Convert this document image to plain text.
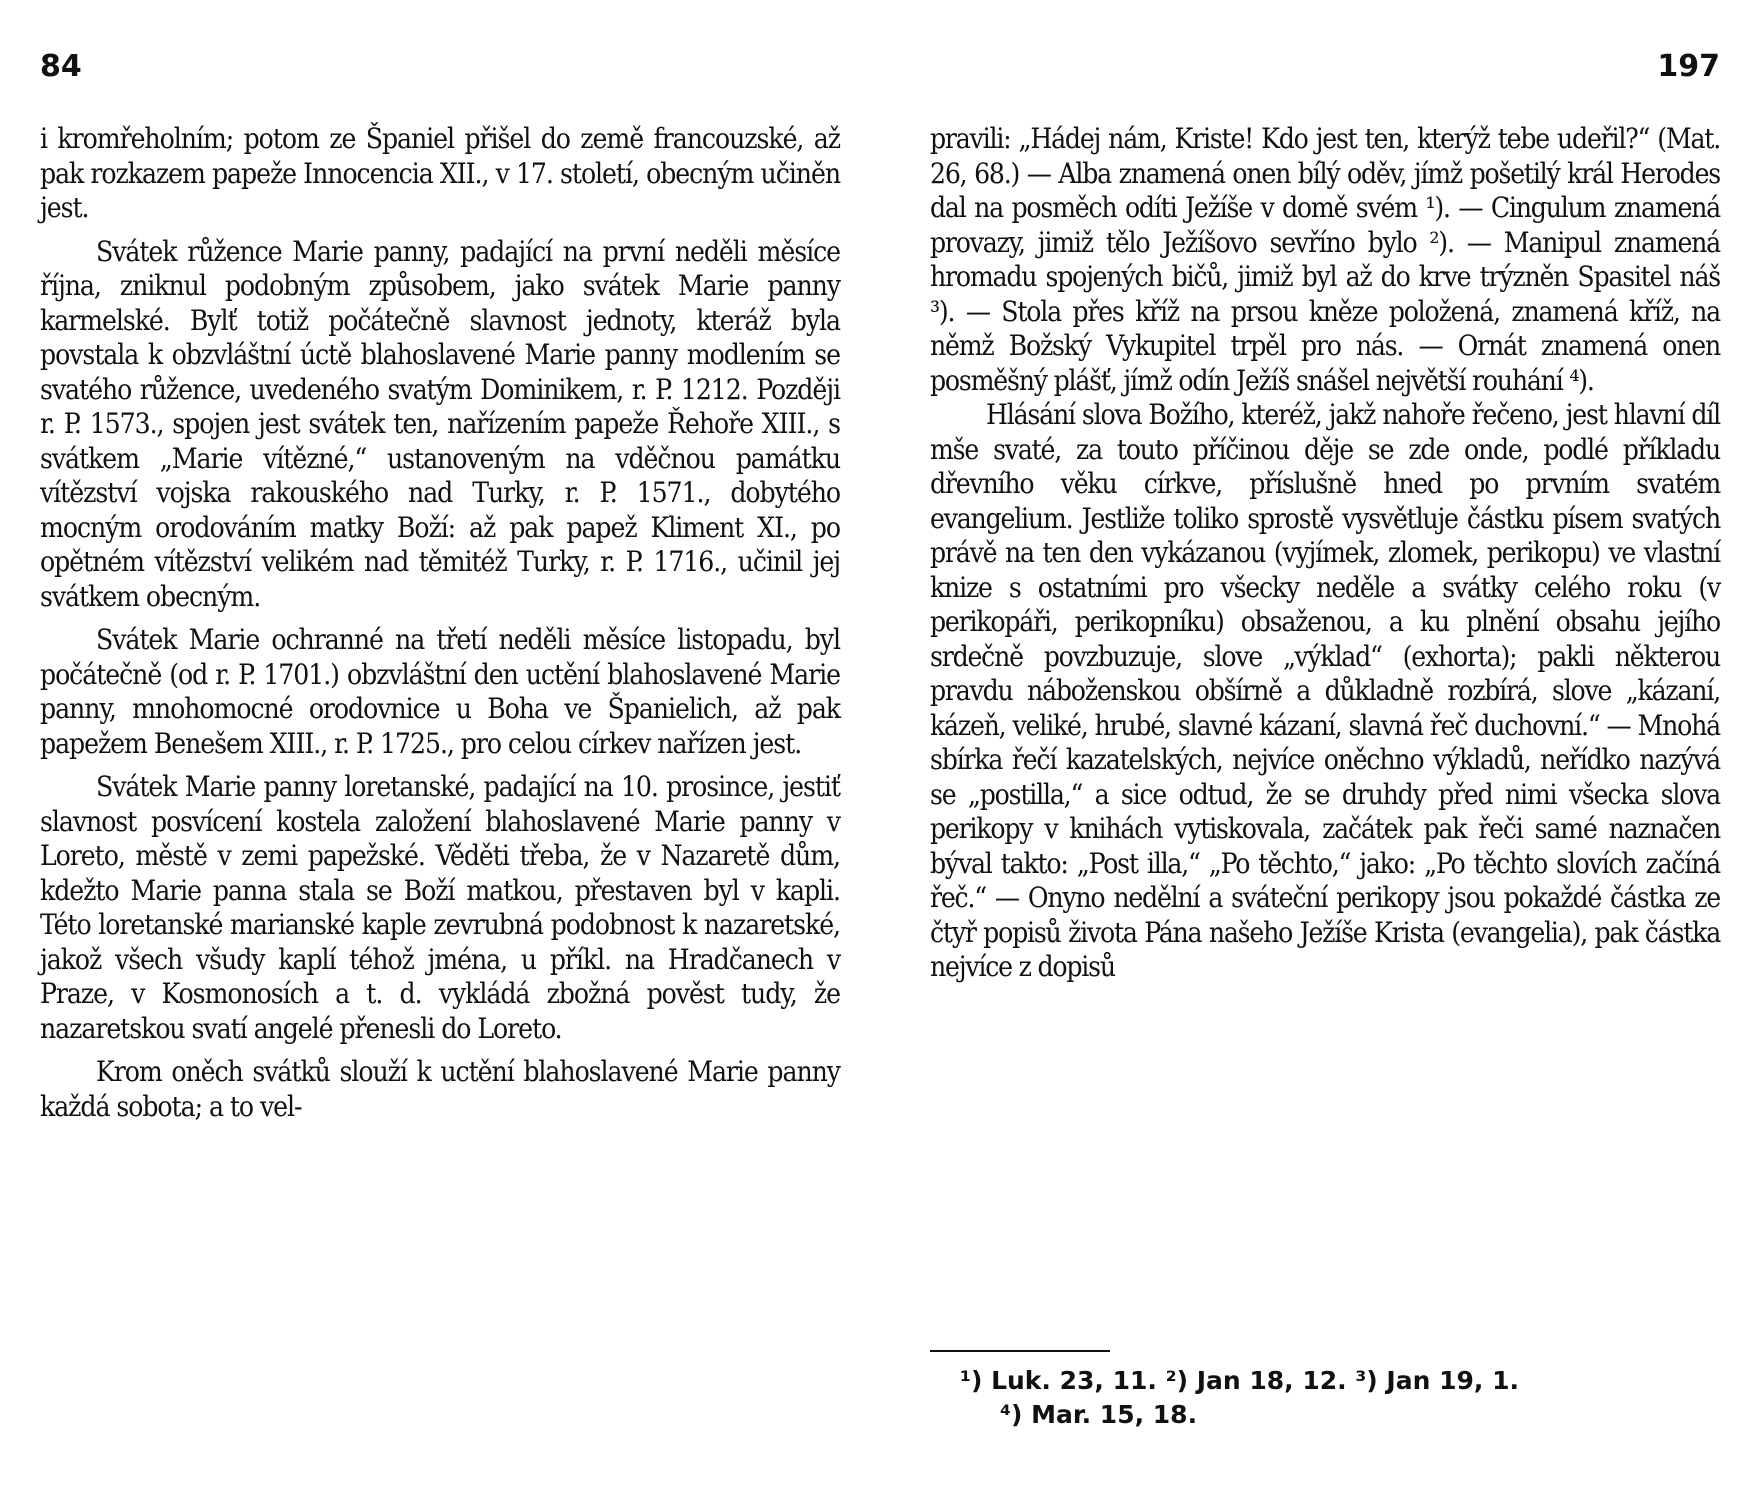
84

i kromřeholním; potom ze Španiel přišel do země francouzské, až pak rozkazem papeže Innocencia XII., v 17. století, obecným učiněn jest.

Svátek růžence Marie panny, padající na první neděli měsíce října, zniknul podobným způsobem, jako svátek Marie panny karmelské. Bylť totiž počátečně slavnost jednoty, kteráž byla povstala k obzvláštní úctě blahoslavené Marie panny modlením se svatého růžence, uvedeného svatým Dominikem, r. P. 1212. Později r. P. 1573., spojen jest svátek ten, nařízením papeže Řehoře XIII., s svátkem „Marie vítězné,“ ustanoveným na vděčnou památku vítězství vojska rakouského nad Turky, r. P. 1571., dobytého mocným orodováním matky Boží: až pak papež Kliment XI., po opětném vítězství velikém nad těmitéž Turky, r. P. 1716., učinil jej svátkem obecným.

Svátek Marie ochranné na třetí neděli měsíce listopadu, byl počátečně (od r. P. 1701.) obzvláštní den uctění blahoslavené Marie panny, mnohomocné orodovnice u Boha ve Španielich, až pak papežem Benešem XIII., r. P. 1725., pro celou církev nařízen jest.

Svátek Marie panny loretanské, padající na 10. prosince, jestiť slavnost posvícení kostela založení blahoslavené Marie panny v Loreto, městě v zemi papežské. Věděti třeba, že v Nazaretě dům, kdežto Marie panna stala se Boží matkou, přestaven byl v kapli. Této loretanské marianské kaple zevrubná podobnost k nazaretské, jakož všech všudy kaplí téhož jména, u příkl. na Hradčanech v Praze, v Kosmonosích a t. d. vykládá zbožná pověst tudy, že nazaretskou svatí angelé přenesli do Loreto.

Krom oněch svátků slouží k uctění blahoslavené Marie panny každá sobota; a to vel-

197

pravili: „Hádej nám, Kriste! Kdo jest ten, kterýž tebe udeřil?“ (Mat. 26, 68.) — Alba znamená onen bílý oděv, jímž pošetilý král Herodes dal na posměch odíti Ježíše v domě svém ¹). — Cingulum znamená provazy, jimiž tělo Ježíšovo sevříno bylo ²). — Manipul znamená hromadu spojených bičů, jimiž byl až do krve trýzněn Spasitel náš ³). — Stola přes kříž na prsou kněze položená, znamená kříž, na němž Božský Vykupitel trpěl pro nás. — Ornát znamená onen posměšný plášť, jímž odín Ježíš snášel největší rouhání ⁴).

Hlásání slova Božího, kteréž, jakž nahoře řečeno, jest hlavní díl mše svaté, za touto příčinou děje se zde onde, podlé příkladu dřevního věku církve, příslušně hned po prvním svatém evangelium. Jestliže toliko sprostě vysvětluje částku písem svatých právě na ten den vykázanou (vyjímek, zlomek, perikopu) ve vlastní knize s ostatními pro všecky neděle a svátky celého roku (v perikopáři, perikopníku) obsaženou, a ku plnění obsahu jejího srdečně povzbuzuje, slove „výklad“ (exhorta); pakli některou pravdu náboženskou obšírně a důkladně rozbírá, slove „kázaní, kázeň, veliké, hrubé, slavné kázaní, slavná řeč duchovní.“ — Mnohá sbírka řečí kazatelských, nejvíce oněchno výkladů, neřídko nazývá se „postilla,“ a sice odtud, že se druhdy před nimi všecka slova perikopy v knihách vytiskovala, začátek pak řeči samé naznačen býval takto: „Post illa,“ „Po těchto,“ jako: „Po těchto slovích začíná řeč.“ — Onyno nedělní a sváteční perikopy jsou pokaždé částka ze čtyř popisů života Pána našeho Ježíše Krista (evangelia), pak částka nejvíce z dopisů

¹) Luk. 23, 11. ²) Jan 18, 12. ³) Jan 19, 1.

⁴) Mar. 15, 18.
